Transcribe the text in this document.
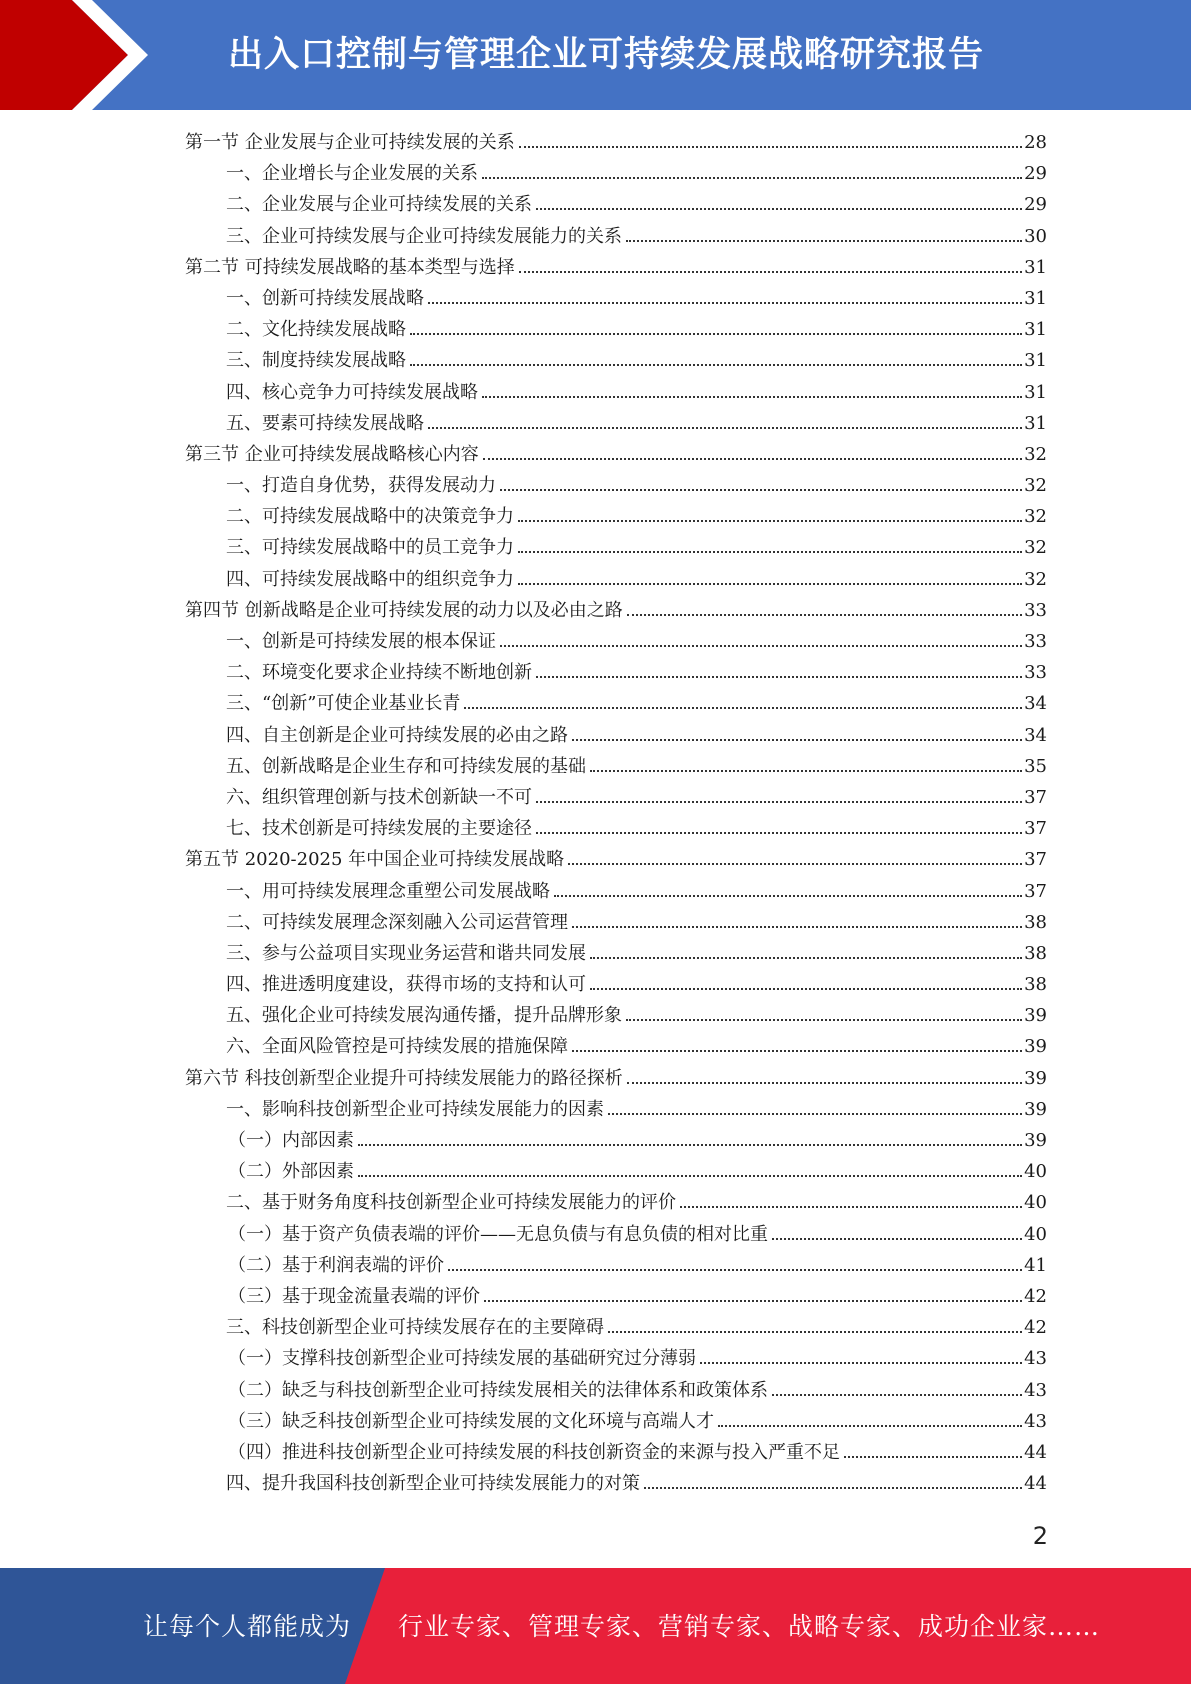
出入口控制与管理企业可持续发展战略研究报告
第一节 企业发展与企业可持续发展的关系	28
一、企业增长与企业发展的关系	29
二、企业发展与企业可持续发展的关系	29
三、企业可持续发展与企业可持续发展能力的关系	30
第二节 可持续发展战略的基本类型与选择	31
一、创新可持续发展战略	31
二、文化持续发展战略	31
三、制度持续发展战略	31
四、核心竞争力可持续发展战略	31
五、要素可持续发展战略	31
第三节 企业可持续发展战略核心内容	32
一、打造自身优势，获得发展动力	32
二、可持续发展战略中的决策竞争力	32
三、可持续发展战略中的员工竞争力	32
四、可持续发展战略中的组织竞争力	32
第四节 创新战略是企业可持续发展的动力以及必由之路	33
一、创新是可持续发展的根本保证	33
二、环境变化要求企业持续不断地创新	33
三、“创新”可使企业基业长青	34
四、自主创新是企业可持续发展的必由之路	34
五、创新战略是企业生存和可持续发展的基础	35
六、组织管理创新与技术创新缺一不可	37
七、技术创新是可持续发展的主要途径	37
第五节 2020-2025 年中国企业可持续发展战略	37
一、用可持续发展理念重塑公司发展战略	37
二、可持续发展理念深刻融入公司运营管理	38
三、参与公益项目实现业务运营和谐共同发展	38
四、推进透明度建设，获得市场的支持和认可	38
五、强化企业可持续发展沟通传播，提升品牌形象	39
六、全面风险管控是可持续发展的措施保障	39
第六节 科技创新型企业提升可持续发展能力的路径探析	39
一、影响科技创新型企业可持续发展能力的因素	39
（一）内部因素	39
（二）外部因素	40
二、基于财务角度科技创新型企业可持续发展能力的评价	40
（一）基于资产负债表端的评价——无息负债与有息负债的相对比重	40
（二）基于利润表端的评价	41
（三）基于现金流量表端的评价	42
三、科技创新型企业可持续发展存在的主要障碍	42
（一）支撑科技创新型企业可持续发展的基础研究过分薄弱	43
（二）缺乏与科技创新型企业可持续发展相关的法律体系和政策体系	43
（三）缺乏科技创新型企业可持续发展的文化环境与高端人才	43
（四）推进科技创新型企业可持续发展的科技创新资金的来源与投入严重不足	44
四、提升我国科技创新型企业可持续发展能力的对策	44
2
让每个人都能成为 行业专家、管理专家、营销专家、战略专家、成功企业家……
